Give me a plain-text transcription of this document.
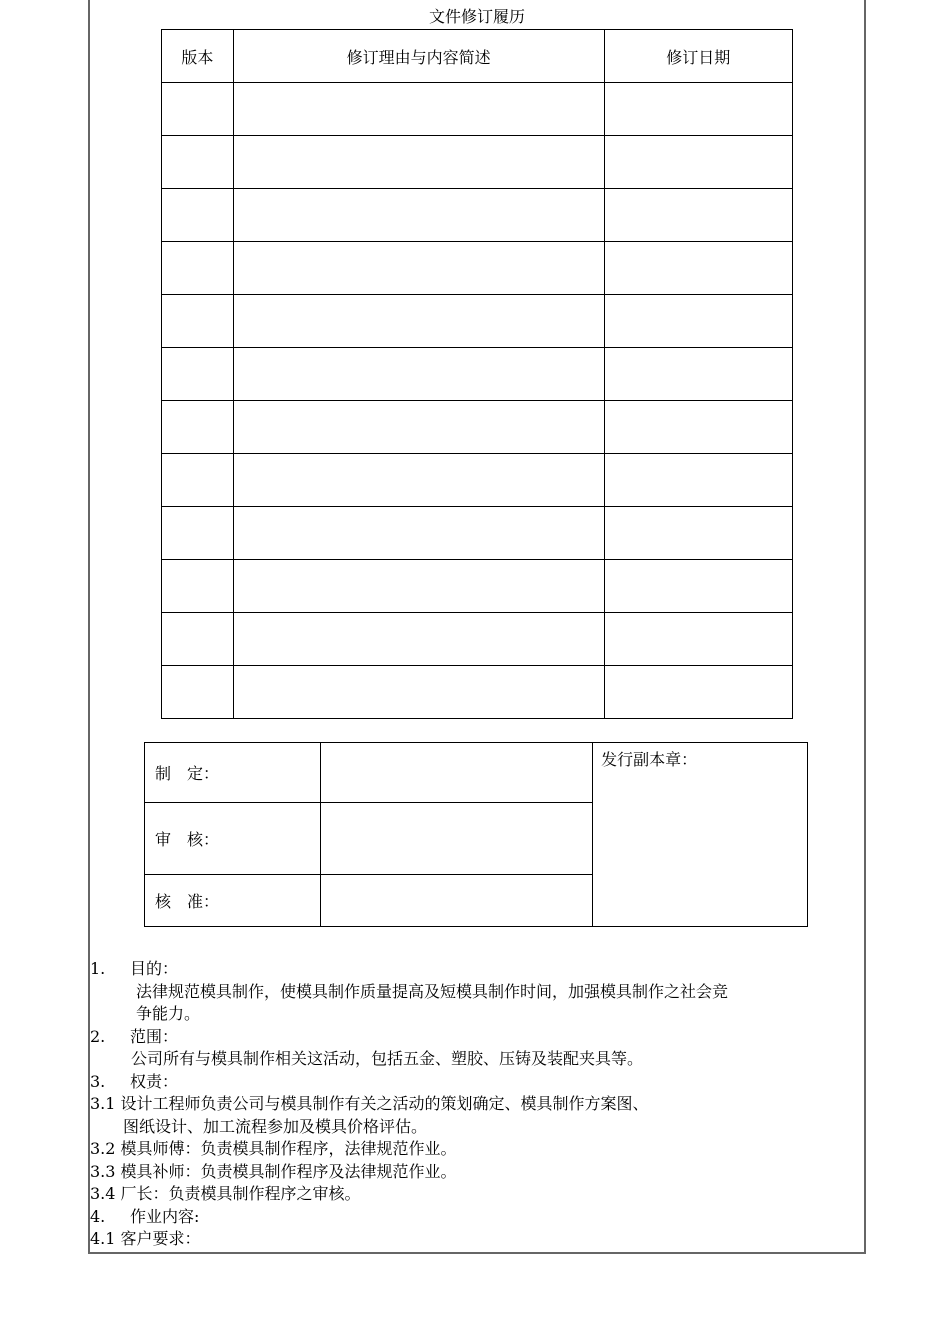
文件修订履历
版本	修订理由与内容简述	修订日期

制　定：		发行副本章：
审　核：		
核　准：		
1. 目的：
法律规范模具制作，使模具制作质量提高及短模具制作时间，加强模具制作之社会竞
争能力。
2. 范围：
公司所有与模具制作相关这活动，包括五金、塑胶、压铸及装配夹具等。
3. 权责：
3.1 设计工程师负责公司与模具制作有关之活动的策划确定、模具制作方案图、
图纸设计、加工流程参加及模具价格评估。
3.2 模具师傅：负责模具制作程序，法律规范作业。
3.3 模具补师：负责模具制作程序及法律规范作业。
3.4 厂长：负责模具制作程序之审核。
4. 作业内容:
4.1 客户要求：
